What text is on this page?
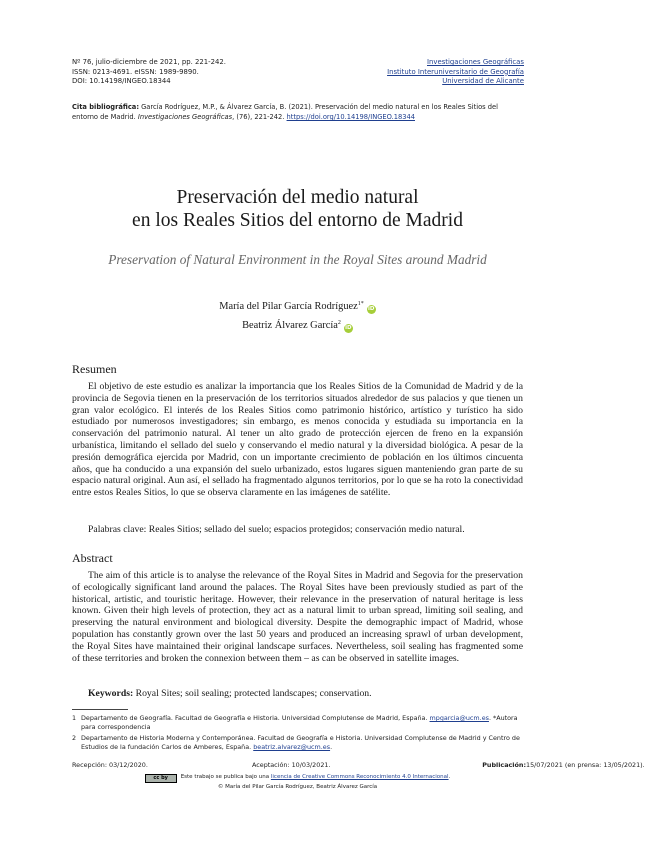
Nº 76, julio-diciembre de 2021, pp. 221-242.
ISSN: 0213-4691. eISSN: 1989-9890.
DOI: 10.14198/INGEO.18344
Investigaciones Geográficas
Instituto Interuniversitario de Geografía
Universidad de Alicante
Cita bibliográfica: García Rodríguez, M.P., & Álvarez García, B. (2021). Preservación del medio natural en los Reales Sitios del entorno de Madrid. Investigaciones Geográficas, (76), 221-242. https://doi.org/10.14198/INGEO.18344
Preservación del medio natural
en los Reales Sitios del entorno de Madrid
Preservation of Natural Environment in the Royal Sites around Madrid
María del Pilar García Rodríguez$^{1*}$iD
Beatriz Álvarez García$^2$iD
Resumen
El objetivo de este estudio es analizar la importancia que los Reales Sitios de la Comunidad de Madrid y de la provincia de Segovia tienen en la preservación de los territorios situados alrededor de sus palacios y que tienen un gran valor ecológico. El interés de los Reales Sitios como patrimonio histórico, artístico y turístico ha sido estudiado por numerosos investigadores; sin embargo, es menos conocida y estudiada su importancia en la conservación del patrimonio natural. Al tener un alto grado de protección ejercen de freno en la expansión urbanística, limitando el sellado del suelo y conservando el medio natural y la diversidad biológica. A pesar de la presión demográfica ejercida por Madrid, con un importante crecimiento de población en los últimos cincuenta años, que ha conducido a una expansión del suelo urbanizado, estos lugares siguen manteniendo gran parte de su espacio natural original. Aun así, el sellado ha fragmentado algunos territorios, por lo que se ha roto la conectividad entre estos Reales Sitios, lo que se observa claramente en las imágenes de satélite.
Palabras clave: Reales Sitios; sellado del suelo; espacios protegidos; conservación medio natural.
Abstract
The aim of this article is to analyse the relevance of the Royal Sites in Madrid and Segovia for the preservation of ecologically significant land around the palaces. The Royal Sites have been previously studied as part of the historical, artistic, and touristic heritage. However, their relevance in the preservation of natural heritage is less known. Given their high levels of protection, they act as a natural limit to urban spread, limiting soil sealing, and preserving the natural environment and biological diversity. Despite the demographic impact of Madrid, whose population has constantly grown over the last 50 years and produced an increasing sprawl of urban development, the Royal Sites have maintained their original landscape surfaces. Nevertheless, soil sealing has fragmented some of these territories and broken the connexion between them – as can be observed in satellite images.
Keywords: Royal Sites; soil sealing; protected landscapes; conservation.
1 Departamento de Geografía. Facultad de Geografía e Historia. Universidad Complutense de Madrid, España. mpgarcia@ucm.es. *Autora para correspondencia
2 Departamento de Historia Moderna y Contemporánea. Facultad de Geografía e Historia. Universidad Complutense de Madrid y Centro de Estudios de la fundación Carlos de Amberes, España. beatriz.alvarez@ucm.es.
Recepción: 03/12/2020.	Aceptación: 10/03/2021.	Publicación: 15/07/2021 (en prensa: 13/05/2021).
cc by Este trabajo se publica bajo una licencia de Creative Commons Reconocimiento 4.0 Internacional.
© María del Pilar García Rodríguez, Beatriz Álvarez García
